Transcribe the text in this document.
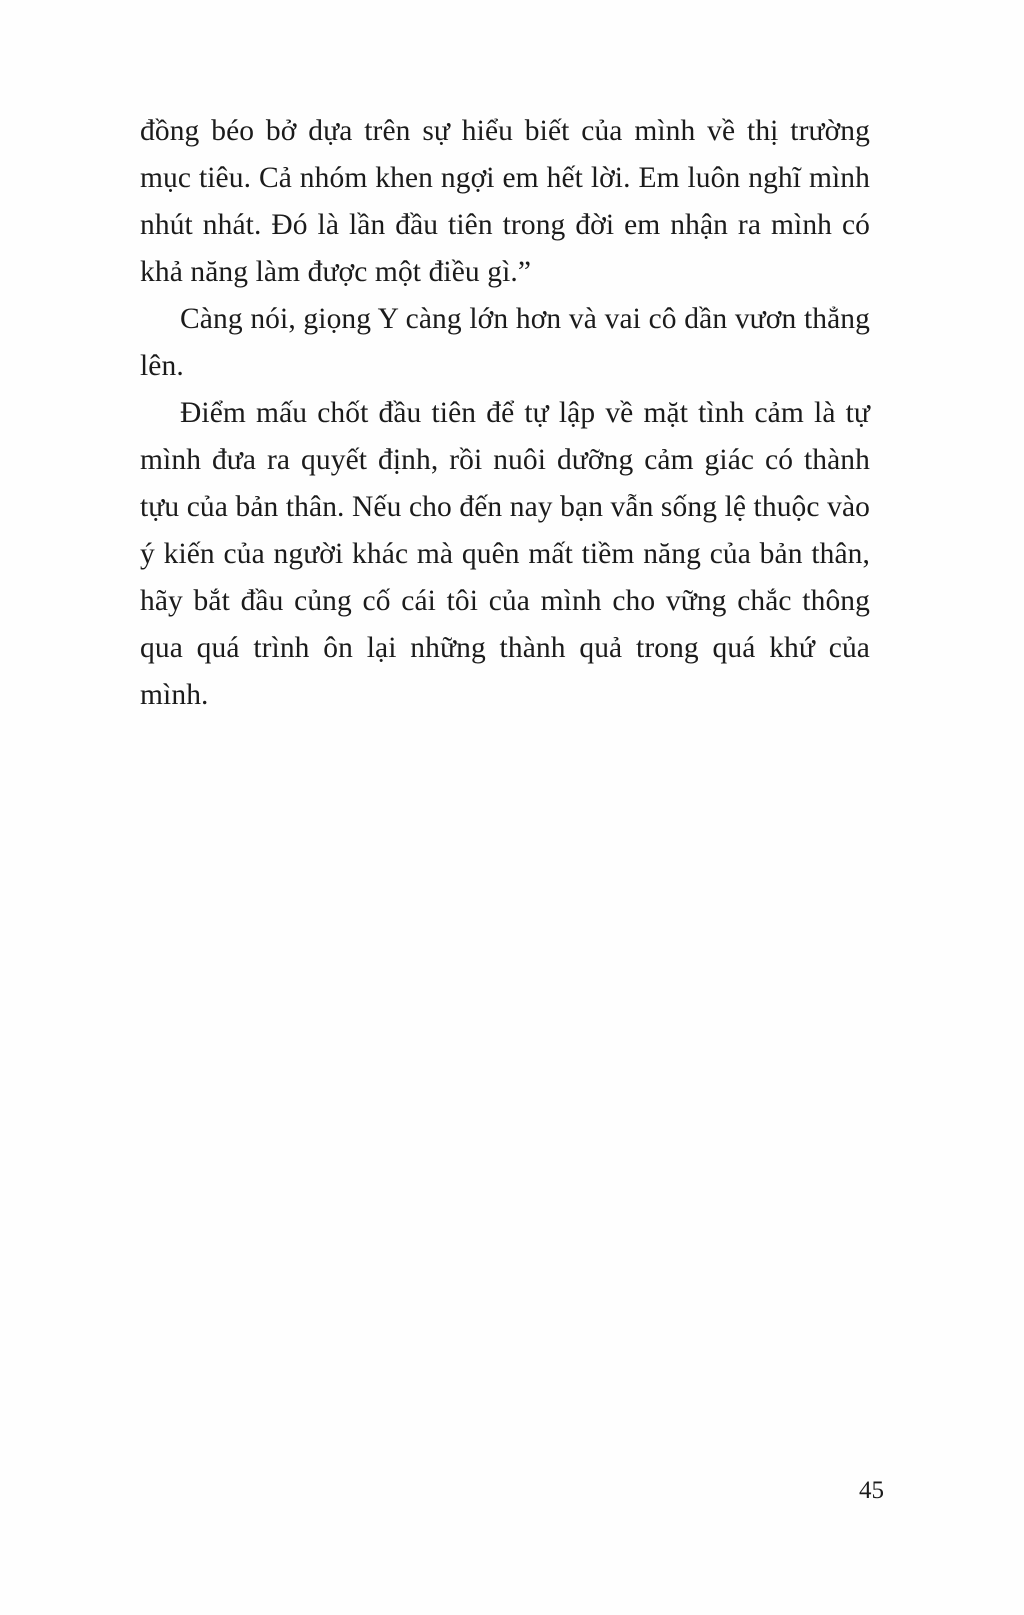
đồng béo bở dựa trên sự hiểu biết của mình về thị trường mục tiêu. Cả nhóm khen ngợi em hết lời. Em luôn nghĩ mình nhút nhát. Đó là lần đầu tiên trong đời em nhận ra mình có khả năng làm được một điều gì.”

Càng nói, giọng Y càng lớn hơn và vai cô dần vươn thẳng lên.

Điểm mấu chốt đầu tiên để tự lập về mặt tình cảm là tự mình đưa ra quyết định, rồi nuôi dưỡng cảm giác có thành tựu của bản thân. Nếu cho đến nay bạn vẫn sống lệ thuộc vào ý kiến của người khác mà quên mất tiềm năng của bản thân, hãy bắt đầu củng cố cái tôi của mình cho vững chắc thông qua quá trình ôn lại những thành quả trong quá khứ của mình.

45
